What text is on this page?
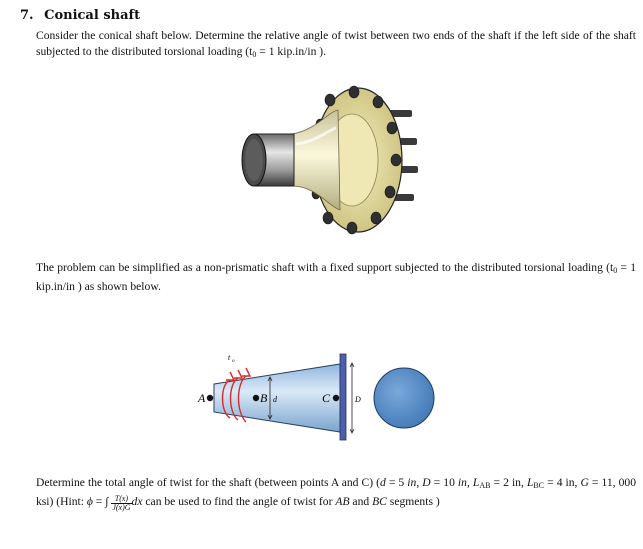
7. Conical shaft
Consider the conical shaft below. Determine the relative angle of twist between two ends of the shaft if the left side of the shaft subjected to the distributed torsional loading ($t_0 = 1$ kip.in/in ).
The problem can be simplified as a non-prismatic shaft with a fixed support subjected to the distributed torsional loading ($t_0 = 1$ kip.in/in ) as shown below.
A	B	C
d	D
t o
Determine the total angle of twist for the shaft (between points A and C) (d = 5 in, D = 10 in, $L_{AB} = 2$ in, $L_{BC} = 4$ in, G = 11, 000 ksi) (Hint: ϕ = ∫ $\frac{T(x)}{J(x)G}$ dx can be used to find the angle of twist for AB and BC segments )
